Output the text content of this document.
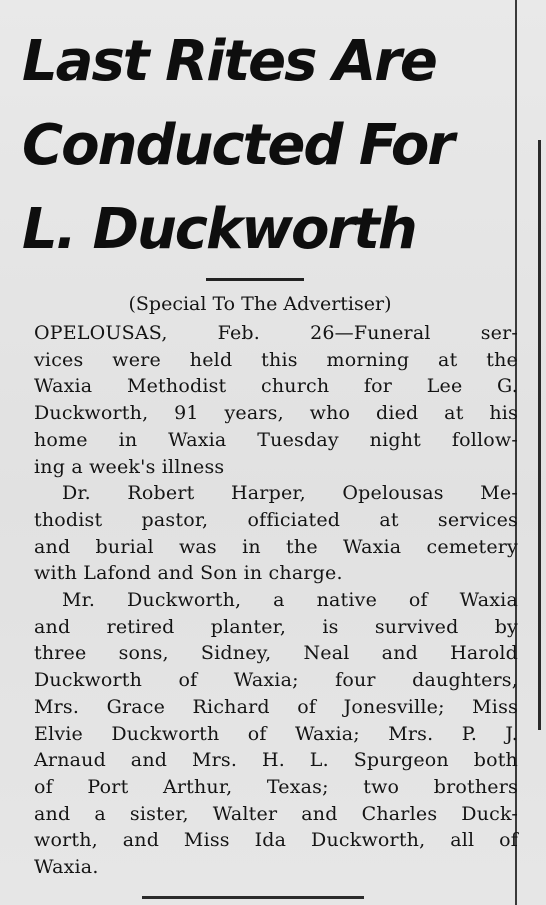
Last Rites Are
Conducted For
L. Duckworth
(Special To The Advertiser)
OPELOUSAS, Feb. 26—Funeral ser-
vices were held this morning at the
Waxia Methodist church for Lee G.
Duckworth, 91 years, who died at his
home in Waxia Tuesday night follow-
ing a week's illness
Dr. Robert Harper, Opelousas Me-
thodist pastor, officiated at services
and burial was in the Waxia cemetery
with Lafond and Son in charge.
Mr. Duckworth, a native of Waxia
and retired planter, is survived by
three sons, Sidney, Neal and Harold
Duckworth of Waxia; four daughters,
Mrs. Grace Richard of Jonesville; Miss
Elvie Duckworth of Waxia; Mrs. P. J.
Arnaud and Mrs. H. L. Spurgeon both
of Port Arthur, Texas; two brothers
and a sister, Walter and Charles Duck-
worth, and Miss Ida Duckworth, all of
Waxia.
